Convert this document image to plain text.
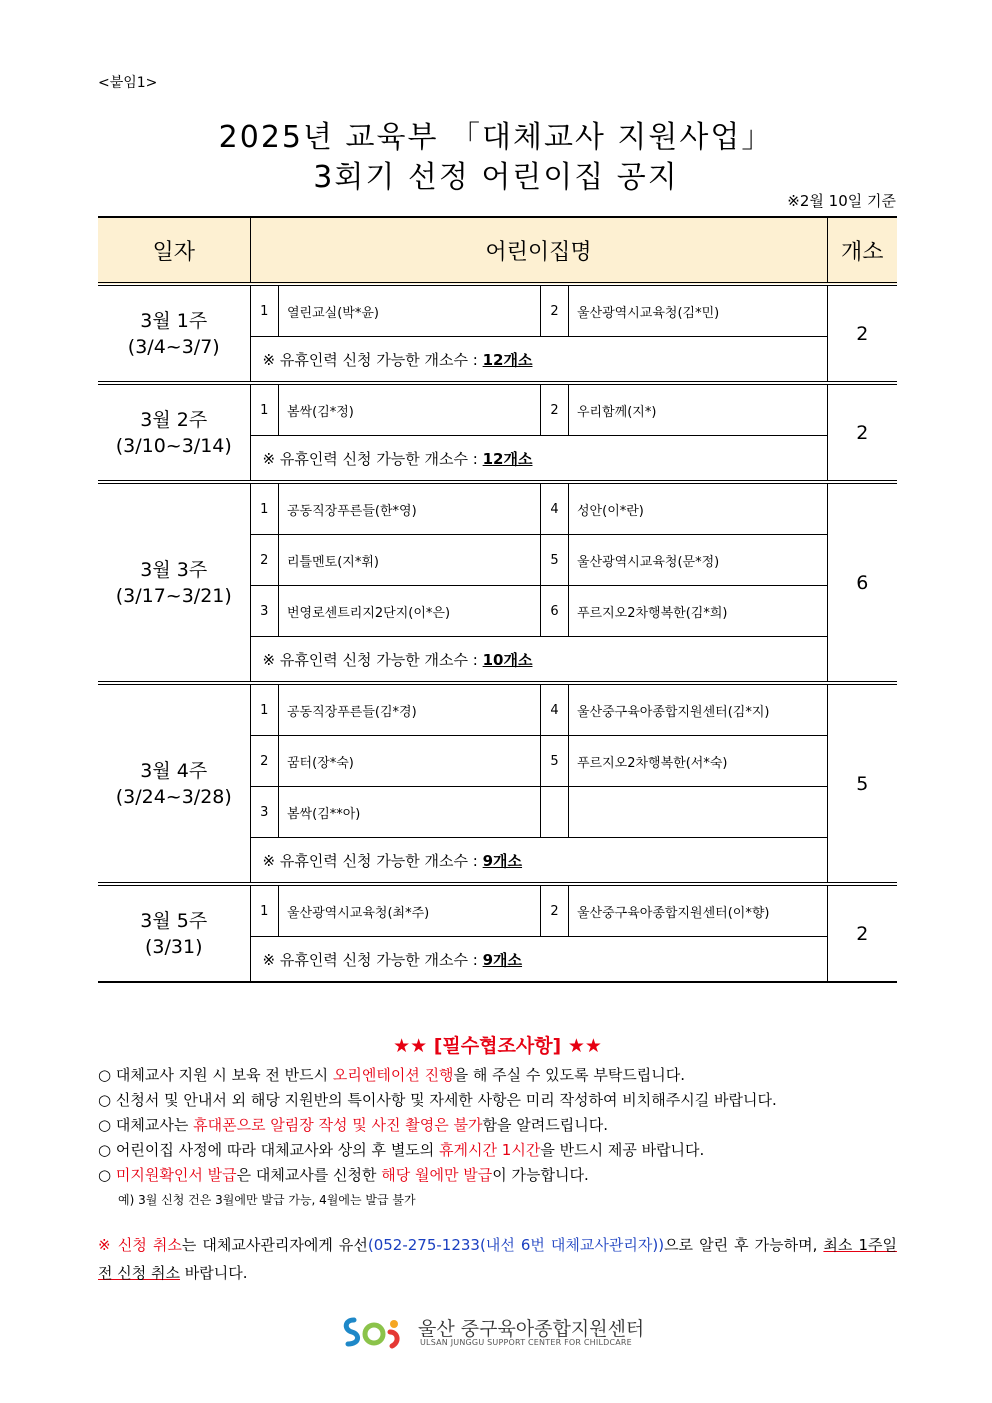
<붙임1>
2025년 교육부 「대체교사 지원사업」
3회기 선정 어린이집 공지
※2월 10일 기준
일자	어린이집명	개소

3월 1주
(3/4~3/7)

1	열린교실(박*윤)	2	울산광역시교육청(김*민)
※ 유휴인력 신청 가능한 개소수 : 12개소
	2

3월 2주
(3/10~3/14)

1	봄싹(김*정)	2	우리함께(지*)
※ 유휴인력 신청 가능한 개소수 : 12개소
	2

3월 3주
(3/17~3/21)

1	공동직장푸른들(한*영)	4	성안(이*란)
2	리틀멘토(지*휘)	5	울산광역시교육청(문*정)
3	번영로센트리지2단지(이*은)	6	푸르지오2차행복한(김*희)
※ 유휴인력 신청 가능한 개소수 : 10개소
	6

3월 4주
(3/24~3/28)

1	공동직장푸른들(김*경)	4	울산중구육아종합지원센터(김*지)
2	꿈터(장*숙)	5	푸르지오2차행복한(서*숙)
3	봄싹(김**아)		
※ 유휴인력 신청 가능한 개소수 : 9개소
	5

3월 5주
(3/31)

1	울산광역시교육청(최*주)	2	울산중구육아종합지원센터(이*향)
※ 유휴인력 신청 가능한 개소수 : 9개소
	2
★★ [필수협조사항] ★★
○ 대체교사 지원 시 보육 전 반드시 오리엔테이션 진행을 해 주실 수 있도록 부탁드립니다.
○ 신청서 및 안내서 외 해당 지원반의 특이사항 및 자세한 사항은 미리 작성하여 비치해주시길 바랍니다.
○ 대체교사는 휴대폰으로 알림장 작성 및 사진 촬영은 불가함을 알려드립니다.
○ 어린이집 사정에 따라 대체교사와 상의 후 별도의 휴게시간 1시간을 반드시 제공 바랍니다.
○ 미지원확인서 발급은 대체교사를 신청한 해당 월에만 발급이 가능합니다.
예) 3월 신청 건은 3월에만 발급 가능, 4월에는 발급 불가
※ 신청 취소는 대체교사관리자에게 유선(052-275-1233(내선 6번 대체교사관리자))으로 알린 후 가능하며, 최소 1주일 전 신청 취소 바랍니다.
울산 중구육아종합지원센터
ULSAN JUNGGU SUPPORT CENTER FOR CHILDCARE
